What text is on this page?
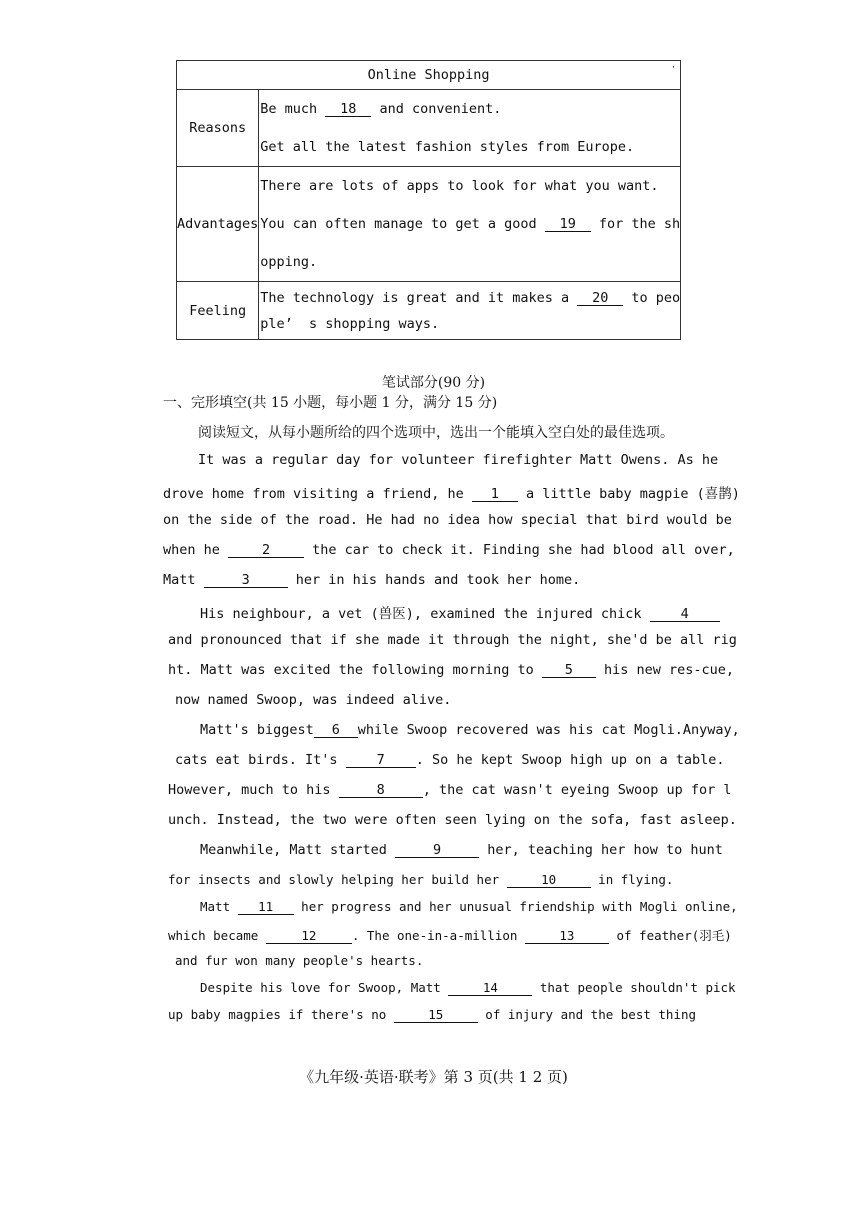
Online Shopping ·	

Reasons	Be much 18 and convenient.
Get all the latest fashion styles from Europe.

Advantages	There are lots of apps to look for what you want.
You can often manage to get a good 19 for the sh
opping.

Feeling	The technology is great and it makes a 20 to peo
ple’  s shopping ways.
笔试部分(90 分)
一、完形填空(共 15 小题，每小题 1 分，满分 15 分)
阅读短文，从每小题所给的四个选项中，选出一个能填入空白处的最佳选项。
It was a regular day for volunteer firefighter Matt Owens. As he
drove home from visiting a friend, he 1 a little baby magpie (喜鹊)
on the side of the road. He had no idea how special that bird would be
when he	2	the car to check it. Finding she had blood all over,
Matt	3	her in his hands and took her home.
His neighbour, a vet (兽医), examined the injured chick 4
and pronounced that if she made it through the night, she'd be all rig
ht. Matt was excited the following morning to 5 his new res-cue,
now named Swoop, was indeed alive.
Matt's biggest 6 while Swoop recovered was his cat Mogli.Anyway,
cats eat birds. It's 7 . So he kept Swoop high up on a table.
However, much to his	8	, the cat wasn't eyeing Swoop up for l
unch. Instead, the two were often seen lying on the sofa, fast asleep.
Meanwhile, Matt started	9	her, teaching her how to hunt
for insects and slowly helping her build her	10	in flying.
Matt 11 her progress and her unusual friendship with Mogli online,
which became	12	. The one-in-a-million	13	of feather(羽毛)
and fur won many people's hearts.
Despite his love for Swoop, Matt	14	that people shouldn't pick
up baby magpies if there's no	15	of injury and the best thing
《九年级·英语·联考》第 3 页(共 1 2 页)
